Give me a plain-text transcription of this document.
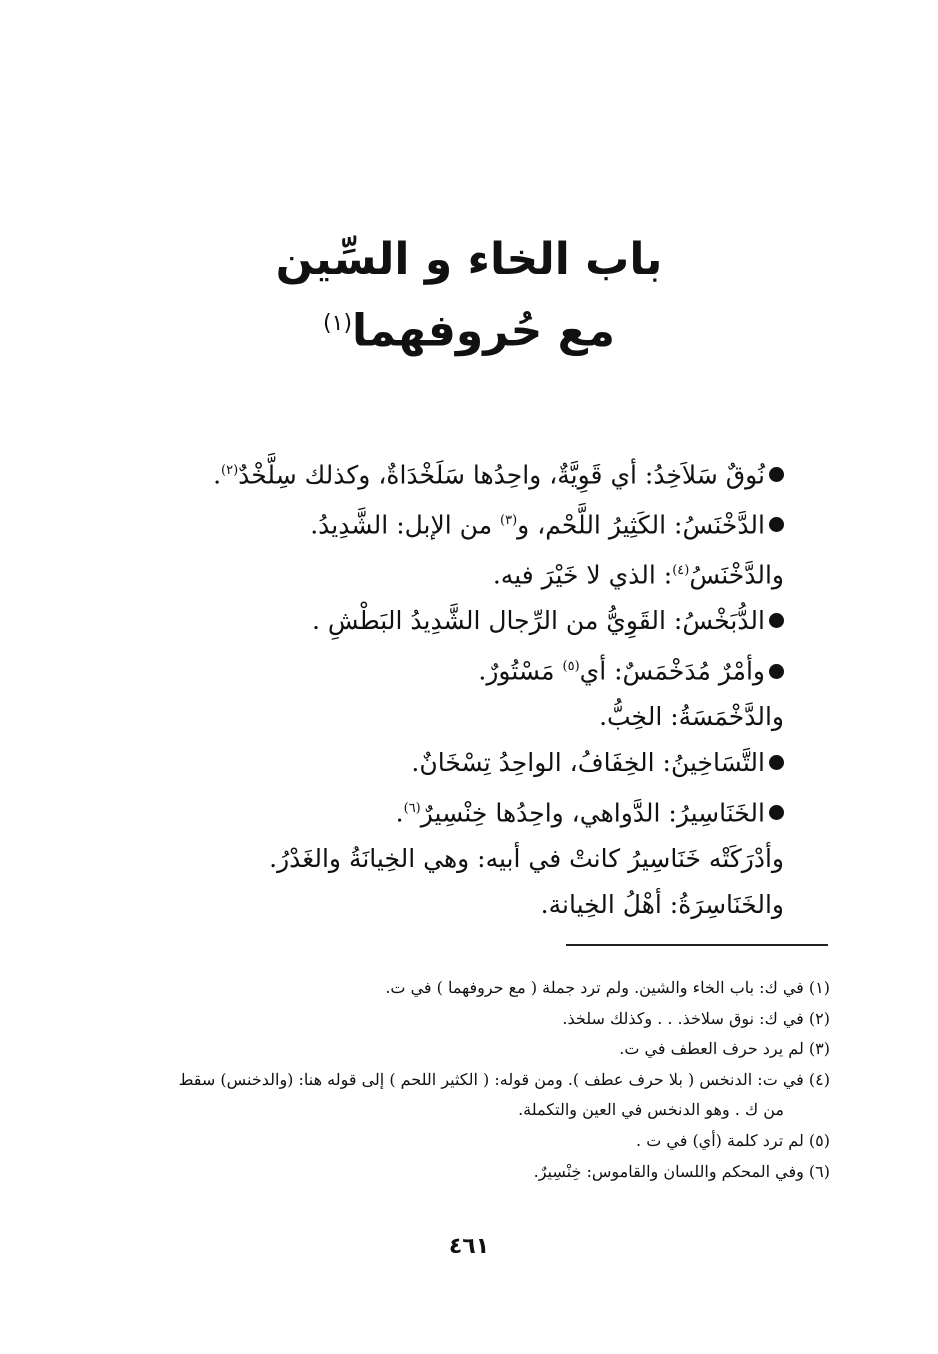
باب الخاء و السِّين
مع حُروفهما$^{(١)}$
نُوقٌ سَلاَخِدُ: أي قَوِيَّةٌ، واحِدُها سَلَخْدَاةٌ، وكذلك سِلَّخْدٌ$^{(٢)}$.
الدَّخْنَسُ: الكَثِيرُ اللَّحْم، و$^{(٣)}$ من الإبل: الشَّدِيدُ.
والدَّخْنَسُ$^{(٤)}$: الذي لا خَيْرَ فيه.
الدُّبَخْسُ: القَوِيُّ من الرِّجال الشَّدِيدُ البَطْشِ .
وأمْرٌ مُدَخْمَسٌ: أي$^{(٥)}$ مَسْتُورٌ.
والدَّخْمَسَةُ: الخِبُّ.
التَّسَاخِينُ: الخِفَافُ، الواحِدُ تِسْخَانٌ.
الخَنَاسِيرُ: الدَّواهي، واحِدُها خِنْسِيرٌ$^{(٦)}$.
وأدْرَكَتْه خَنَاسِيرُ كانتْ في أبيه: وهي الخِيانَةُ والغَدْرُ.
والخَنَاسِرَةُ: أهْلُ الخِيانة.
(١) في ك: باب الخاء والشين. ولم ترد جملة ( مع حروفهما ) في ت.
(٢) في ك: نوق سلاخذ. . . وكذلك سلخذ.
(٣) لم يرد حرف العطف في ت.
(٤) في ت: الدنخس ( بلا حرف عطف ). ومن قوله: ( الكثير اللحم ) إلى قوله هنا: (والدخنس) سقط
من ك . وهو الدنخس في العين والتكملة.
(٥) لم ترد كلمة (أي) في ت .
(٦) وفي المحكم واللسان والقاموس: خِنْسِيرٌ.
٤٦١
